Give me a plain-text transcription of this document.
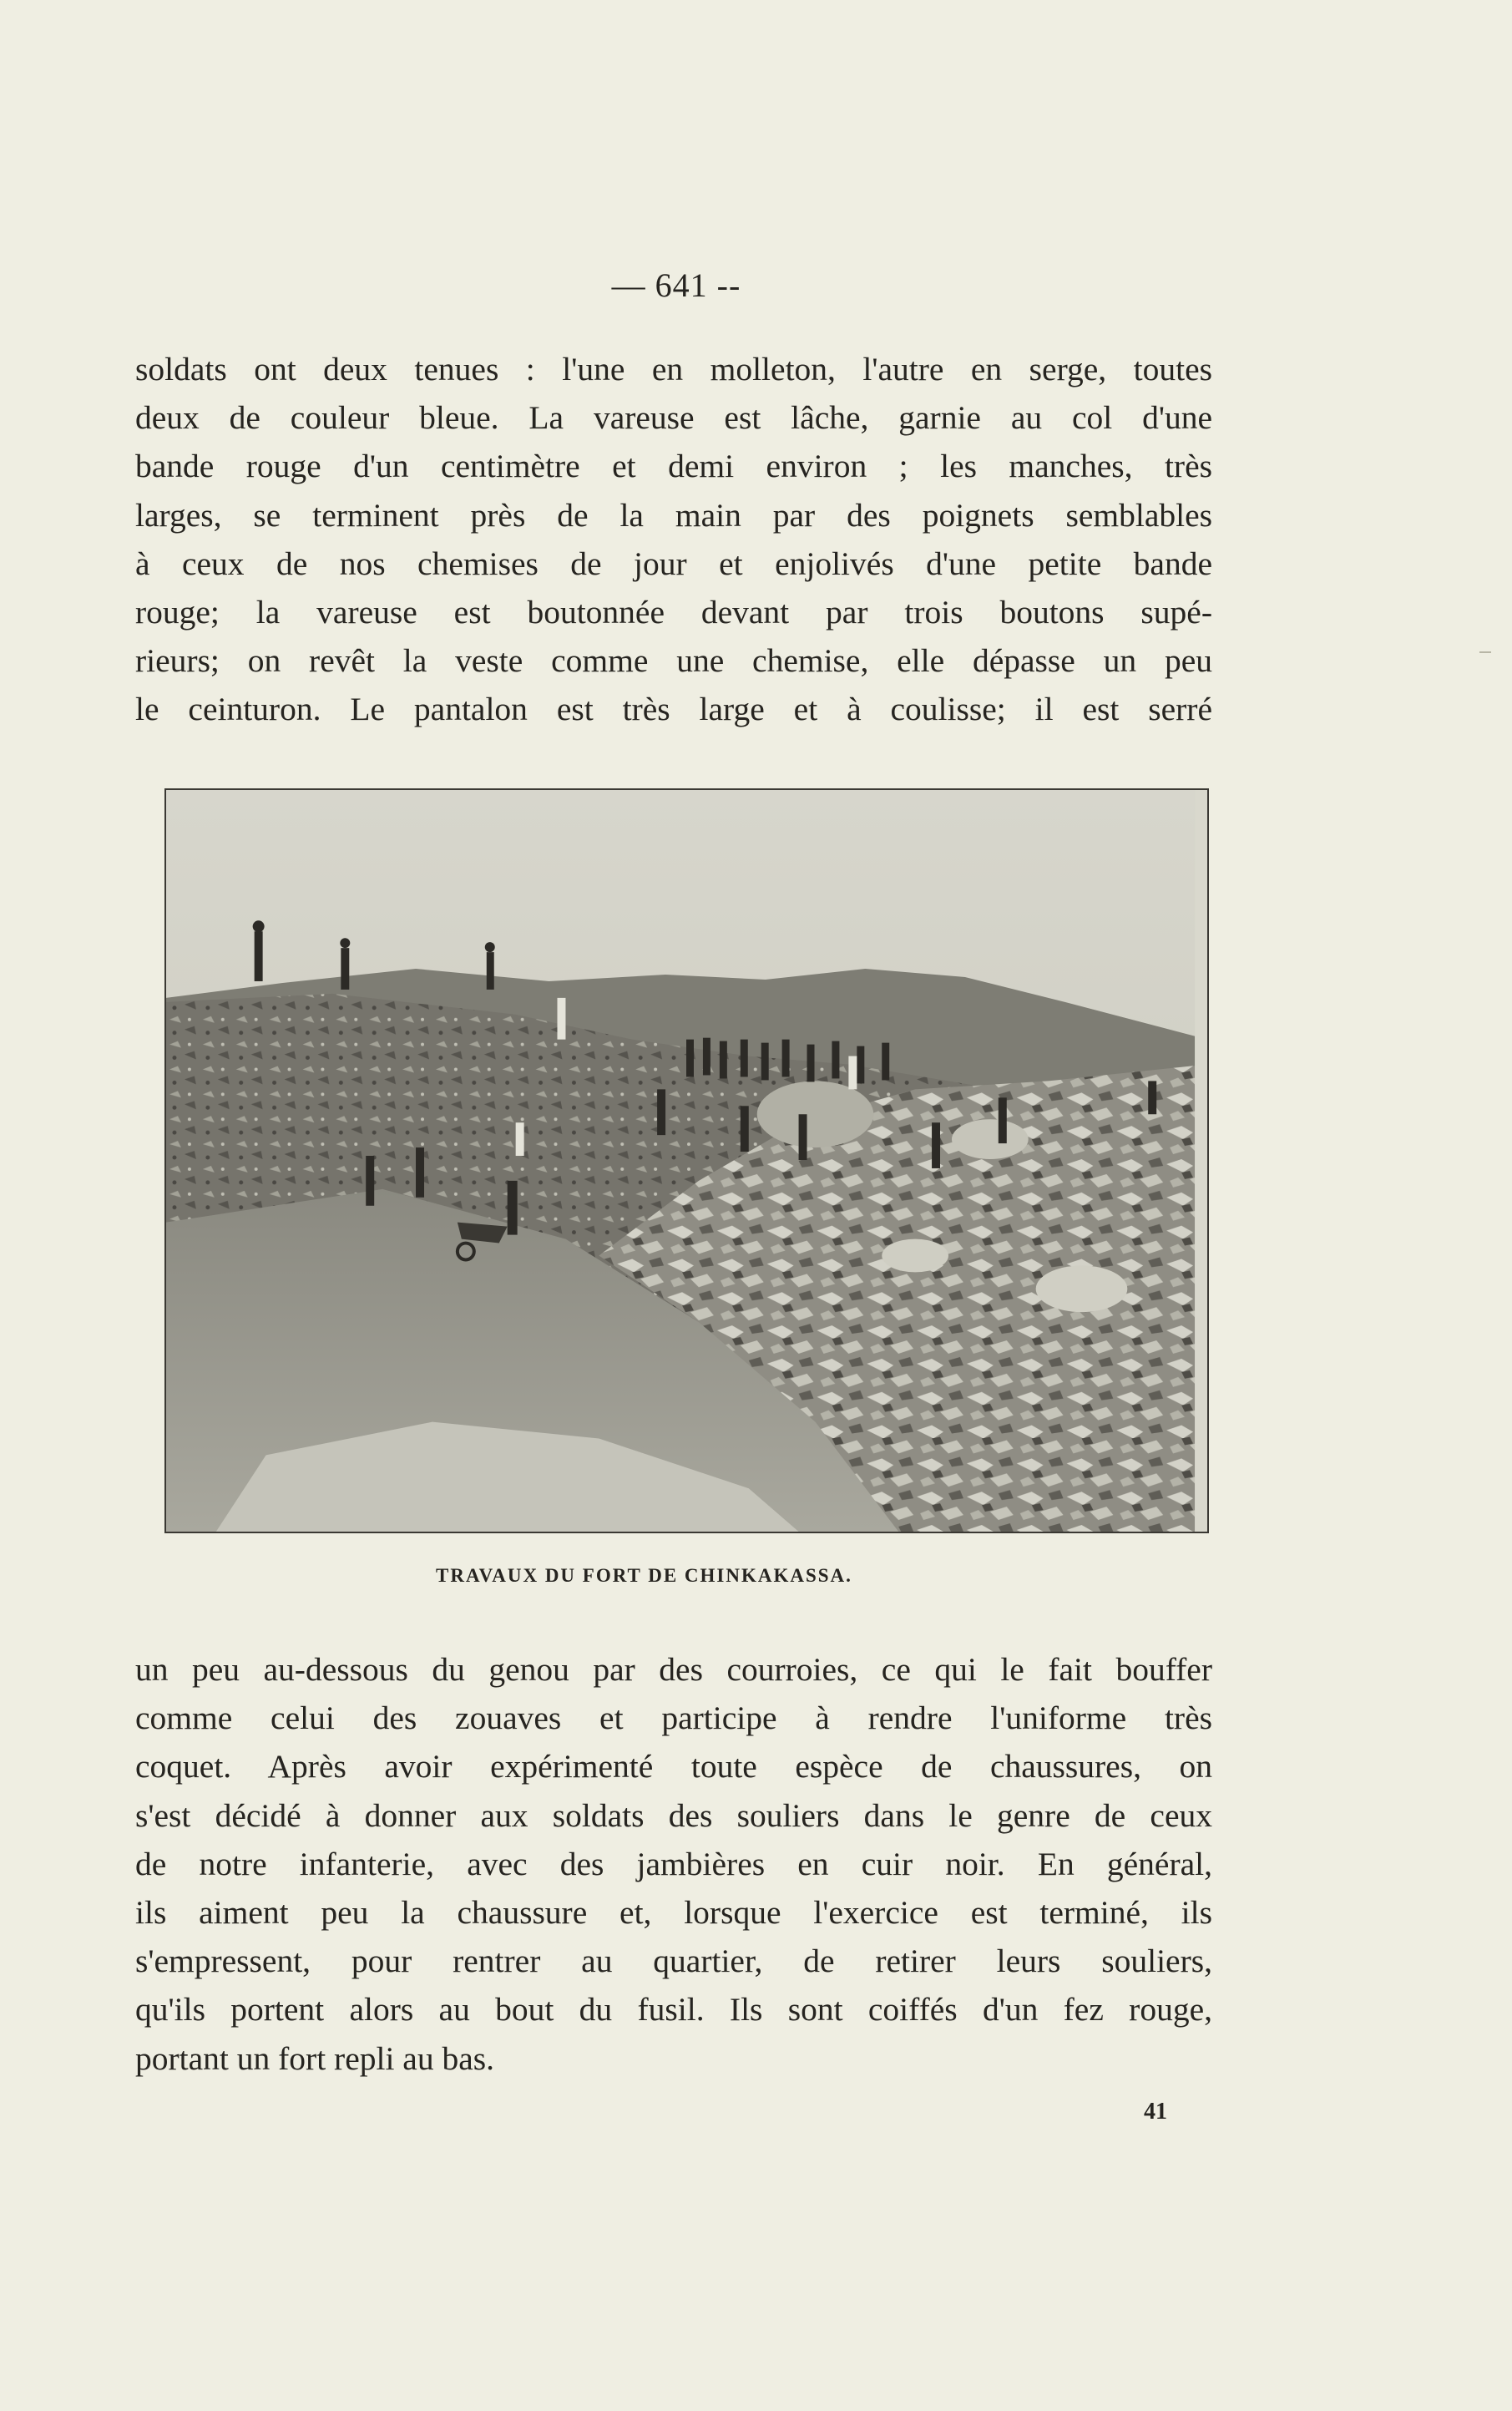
— 641 --
soldats ont deux tenues : l'une en molleton, l'autre en serge, toutes
deux de couleur bleue. La vareuse est lâche, garnie au col d'une
bande rouge d'un centimètre et demi environ ; les manches, très
larges, se terminent près de la main par des poignets semblables
à ceux de nos chemises de jour et enjolivés d'une petite bande
rouge; la vareuse est boutonnée devant par trois boutons supé-
rieurs; on revêt la veste comme une chemise, elle dépasse un peu
le ceinturon. Le pantalon est très large et à coulisse; il est serré
TRAVAUX DU FORT DE CHINKAKASSA.
un peu au-dessous du genou par des courroies, ce qui le fait bouffer
comme celui des zouaves et participe à rendre l'uniforme très
coquet. Après avoir expérimenté toute espèce de chaussures, on
s'est décidé à donner aux soldats des souliers dans le genre de ceux
de notre infanterie, avec des jambières en cuir noir. En général,
ils aiment peu la chaussure et, lorsque l'exercice est terminé, ils
s'empressent, pour rentrer au quartier, de retirer leurs souliers,
qu'ils portent alors au bout du fusil. Ils sont coiffés d'un fez rouge,
portant un fort repli au bas.
41
